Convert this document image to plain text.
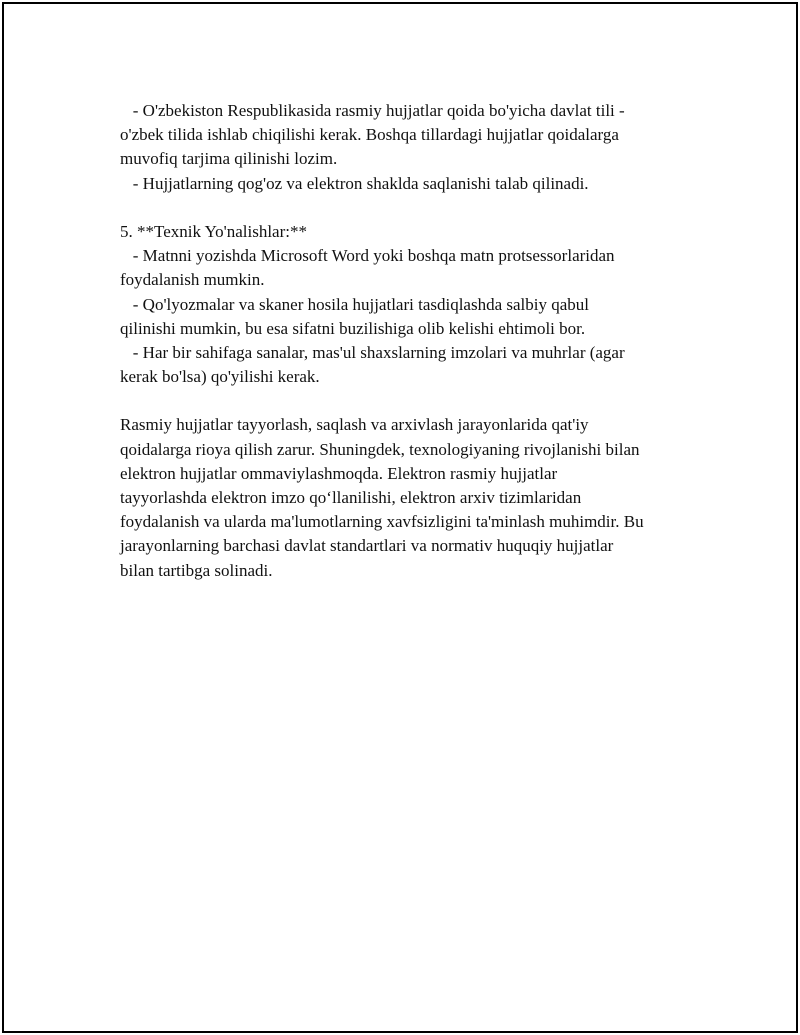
- O'zbekiston Respublikasida rasmiy hujjatlar qoida bo'yicha davlat tili -
o'zbek tilida ishlab chiqilishi kerak. Boshqa tillardagi hujjatlar qoidalarga
muvofiq tarjima qilinishi lozim.
- Hujjatlarning qog'oz va elektron shaklda saqlanishi talab qilinadi.
5. **Texnik Yo'nalishlar:**
- Matnni yozishda Microsoft Word yoki boshqa matn protsessorlaridan
foydalanish mumkin.
- Qo'lyozmalar va skaner hosila hujjatlari tasdiqlashda salbiy qabul
qilinishi mumkin, bu esa sifatni buzilishiga olib kelishi ehtimoli bor.
- Har bir sahifaga sanalar, mas'ul shaxslarning imzolari va muhrlar (agar
kerak bo'lsa) qo'yilishi kerak.
Rasmiy hujjatlar tayyorlash, saqlash va arxivlash jarayonlarida qat'iy
qoidalarga rioya qilish zarur. Shuningdek, texnologiyaning rivojlanishi bilan
elektron hujjatlar ommaviylashmoqda. Elektron rasmiy hujjatlar
tayyorlashda elektron imzo qo‘llanilishi, elektron arxiv tizimlaridan
foydalanish va ularda ma'lumotlarning xavfsizligini ta'minlash muhimdir. Bu
jarayonlarning barchasi davlat standartlari va normativ huquqiy hujjatlar
bilan tartibga solinadi.
